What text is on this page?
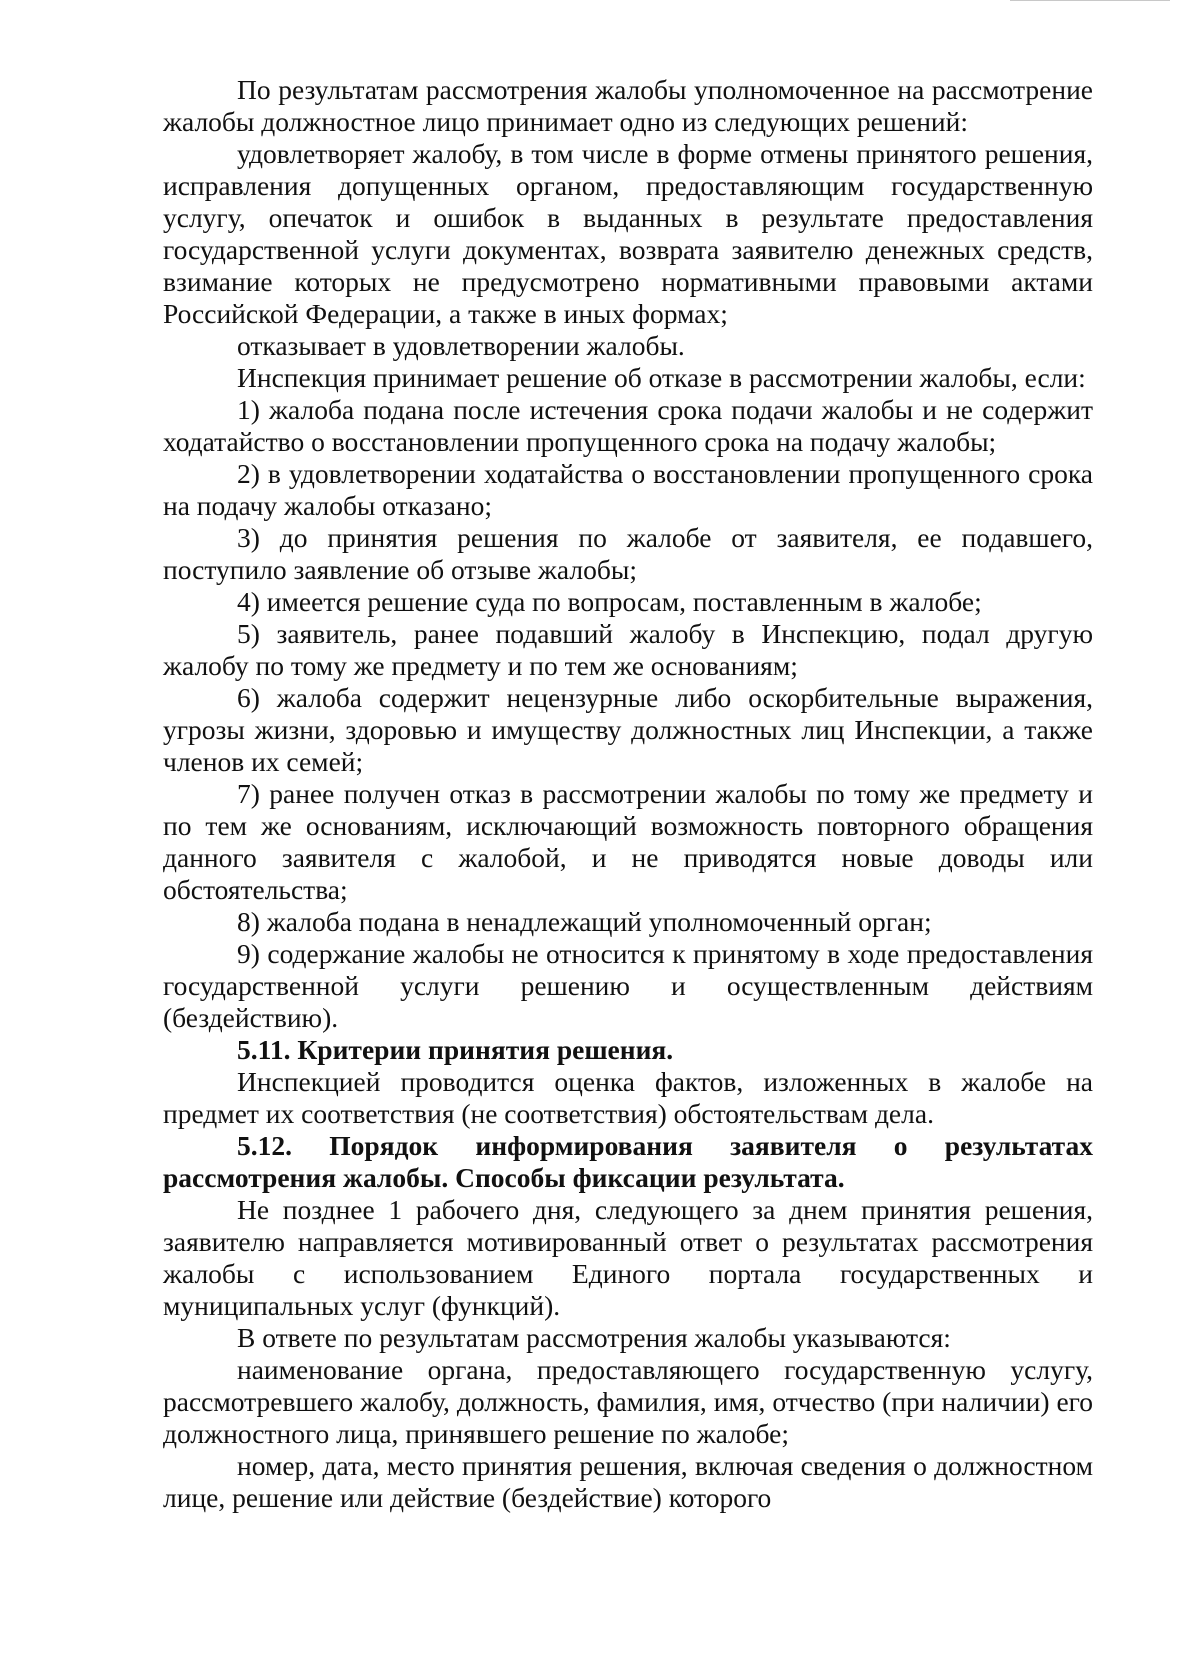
По результатам рассмотрения жалобы уполномоченное на рассмотрение жалобы должностное лицо принимает одно из следующих решений:

удовлетворяет жалобу, в том числе в форме отмены принятого решения, исправления допущенных органом, предоставляющим государственную услугу, опечаток и ошибок в выданных в результате предоставления государственной услуги документах, возврата заявителю денежных средств, взимание которых не предусмотрено нормативными правовыми актами Российской Федерации, а также в иных формах;

отказывает в удовлетворении жалобы.

Инспекция принимает решение об отказе в рассмотрении жалобы, если:

1) жалоба подана после истечения срока подачи жалобы и не содержит ходатайство о восстановлении пропущенного срока на подачу жалобы;

2) в удовлетворении ходатайства о восстановлении пропущенного срока на подачу жалобы отказано;

3) до принятия решения по жалобе от заявителя, ее подавшего, поступило заявление об отзыве жалобы;

4) имеется решение суда по вопросам, поставленным в жалобе;

5) заявитель, ранее подавший жалобу в Инспекцию, подал другую жалобу по тому же предмету и по тем же основаниям;

6) жалоба содержит нецензурные либо оскорбительные выражения, угрозы жизни, здоровью и имуществу должностных лиц Инспекции, а также членов их семей;

7) ранее получен отказ в рассмотрении жалобы по тому же предмету и по тем же основаниям, исключающий возможность повторного обращения данного заявителя с жалобой, и не приводятся новые доводы или обстоятельства;

8) жалоба подана в ненадлежащий уполномоченный орган;

9) содержание жалобы не относится к принятому в ходе предоставления государственной услуги решению и осуществленным действиям (бездействию).

5.11. Критерии принятия решения.

Инспекцией проводится оценка фактов, изложенных в жалобе на предмет их соответствия (не соответствия) обстоятельствам дела.

5.12. Порядок информирования заявителя о результатах рассмотрения жалобы. Способы фиксации результата.

Не позднее 1 рабочего дня, следующего за днем принятия решения, заявителю направляется мотивированный ответ о результатах рассмотрения жалобы с использованием Единого портала государственных и муниципальных услуг (функций).

В ответе по результатам рассмотрения жалобы указываются:

наименование органа, предоставляющего государственную услугу, рассмотревшего жалобу, должность, фамилия, имя, отчество (при наличии) его должностного лица, принявшего решение по жалобе;

номер, дата, место принятия решения, включая сведения о должностном лице, решение или действие (бездействие) которого
